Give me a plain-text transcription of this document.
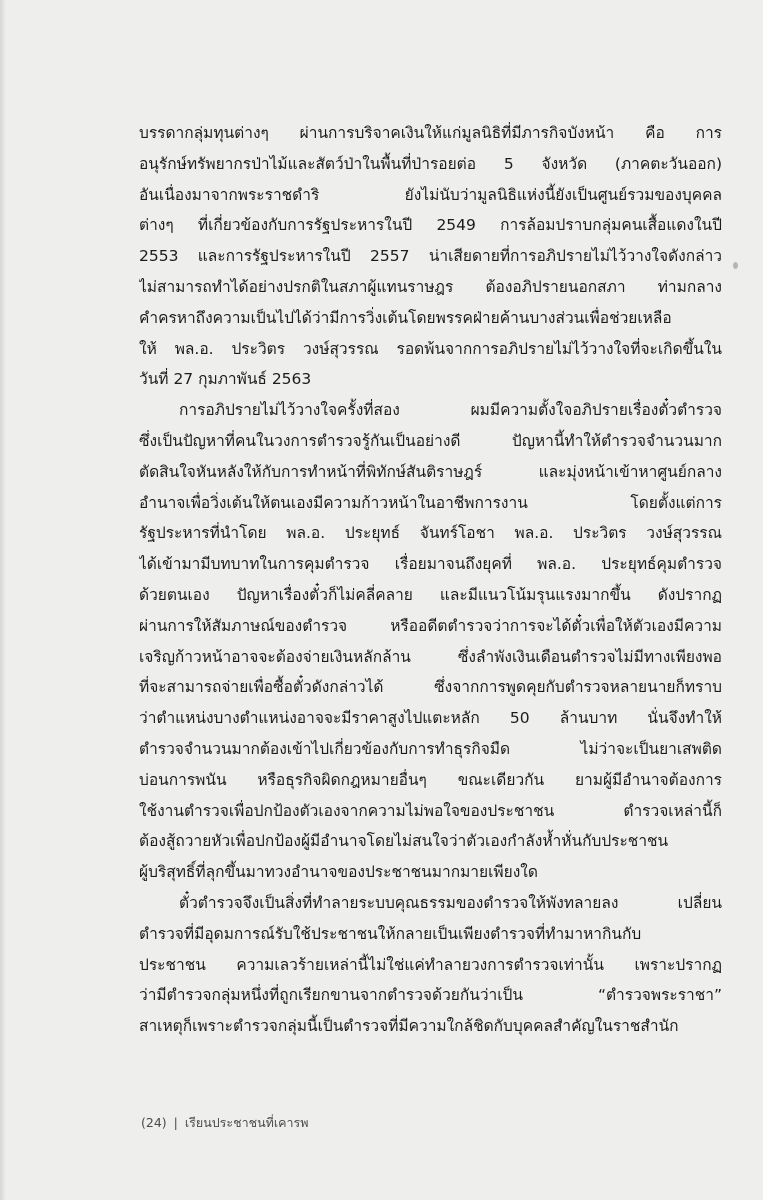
บรรดากลุ่มทุนต่างๆ ผ่านการบริจาคเงินให้แก่มูลนิธิที่มีภารกิจบังหน้า คือ การ
อนุรักษ์ทรัพยากรป่าไม้และสัตว์ป่าในพื้นที่ป่ารอยต่อ 5 จังหวัด (ภาคตะวันออก)
อันเนื่องมาจากพระราชดำริ ยังไม่นับว่ามูลนิธิแห่งนี้ยังเป็นศูนย์รวมของบุคคล
ต่างๆ ที่เกี่ยวข้องกับการรัฐประหารในปี 2549 การล้อมปราบกลุ่มคนเสื้อแดงในปี
2553 และการรัฐประหารในปี 2557 น่าเสียดายที่การอภิปรายไม่ไว้วางใจดังกล่าว
ไม่สามารถทำได้อย่างปรกติในสภาผู้แทนราษฎร ต้องอภิปรายนอกสภา ท่ามกลาง
คำครหาถึงความเป็นไปได้ว่ามีการวิ่งเต้นโดยพรรคฝ่ายค้านบางส่วนเพื่อช่วยเหลือ
ให้ พล.อ. ประวิตร วงษ์สุวรรณ รอดพ้นจากการอภิปรายไม่ไว้วางใจที่จะเกิดขึ้นใน
วันที่ 27 กุมภาพันธ์ 2563
การอภิปรายไม่ไว้วางใจครั้งที่สอง ผมมีความตั้งใจอภิปรายเรื่องตั๋วตำรวจ
ซึ่งเป็นปัญหาที่คนในวงการตำรวจรู้กันเป็นอย่างดี ปัญหานี้ทำให้ตำรวจจำนวนมาก
ตัดสินใจหันหลังให้กับการทำหน้าที่พิทักษ์สันติราษฎร์ และมุ่งหน้าเข้าหาศูนย์กลาง
อำนาจเพื่อวิ่งเต้นให้ตนเองมีความก้าวหน้าในอาชีพการงาน โดยตั้งแต่การ
รัฐประหารที่นำโดย พล.อ. ประยุทธ์ จันทร์โอชา พล.อ. ประวิตร วงษ์สุวรรณ
ได้เข้ามามีบทบาทในการคุมตำรวจ เรื่อยมาจนถึงยุคที่ พล.อ. ประยุทธ์คุมตำรวจ
ด้วยตนเอง ปัญหาเรื่องตั๋วก็ไม่คลี่คลาย และมีแนวโน้มรุนแรงมากขึ้น ดังปรากฏ
ผ่านการให้สัมภาษณ์ของตำรวจ หรืออดีตตำรวจว่าการจะได้ตั๋วเพื่อให้ตัวเองมีความ
เจริญก้าวหน้าอาจจะต้องจ่ายเงินหลักล้าน ซึ่งลำพังเงินเดือนตำรวจไม่มีทางเพียงพอ
ที่จะสามารถจ่ายเพื่อซื้อตั๋วดังกล่าวได้ ซึ่งจากการพูดคุยกับตำรวจหลายนายก็ทราบ
ว่าตำแหน่งบางตำแหน่งอาจจะมีราคาสูงไปแตะหลัก 50 ล้านบาท นั่นจึงทำให้
ตำรวจจำนวนมากต้องเข้าไปเกี่ยวข้องกับการทำธุรกิจมืด ไม่ว่าจะเป็นยาเสพติด
บ่อนการพนัน หรือธุรกิจผิดกฎหมายอื่นๆ ขณะเดียวกัน ยามผู้มีอำนาจต้องการ
ใช้งานตำรวจเพื่อปกป้องตัวเองจากความไม่พอใจของประชาชน ตำรวจเหล่านี้ก็
ต้องสู้ถวายหัวเพื่อปกป้องผู้มีอำนาจโดยไม่สนใจว่าตัวเองกำลังห้ำหั่นกับประชาชน
ผู้บริสุทธิ์ที่ลุกขึ้นมาทวงอำนาจของประชาชนมากมายเพียงใด
ตั๋วตำรวจจึงเป็นสิ่งที่ทำลายระบบคุณธรรมของตำรวจให้พังทลายลง เปลี่ยน
ตำรวจที่มีอุดมการณ์รับใช้ประชาชนให้กลายเป็นเพียงตำรวจที่ทำมาหากินกับ
ประชาชน ความเลวร้ายเหล่านี้ไม่ใช่แค่ทำลายวงการตำรวจเท่านั้น เพราะปรากฏ
ว่ามีตำรวจกลุ่มหนึ่งที่ถูกเรียกขานจากตำรวจด้วยกันว่าเป็น “ตำรวจพระราชา”
สาเหตุก็เพราะตำรวจกลุ่มนี้เป็นตำรวจที่มีความใกล้ชิดกับบุคคลสำคัญในราชสำนัก
(24) | เรียนประชาชนที่เคารพ
